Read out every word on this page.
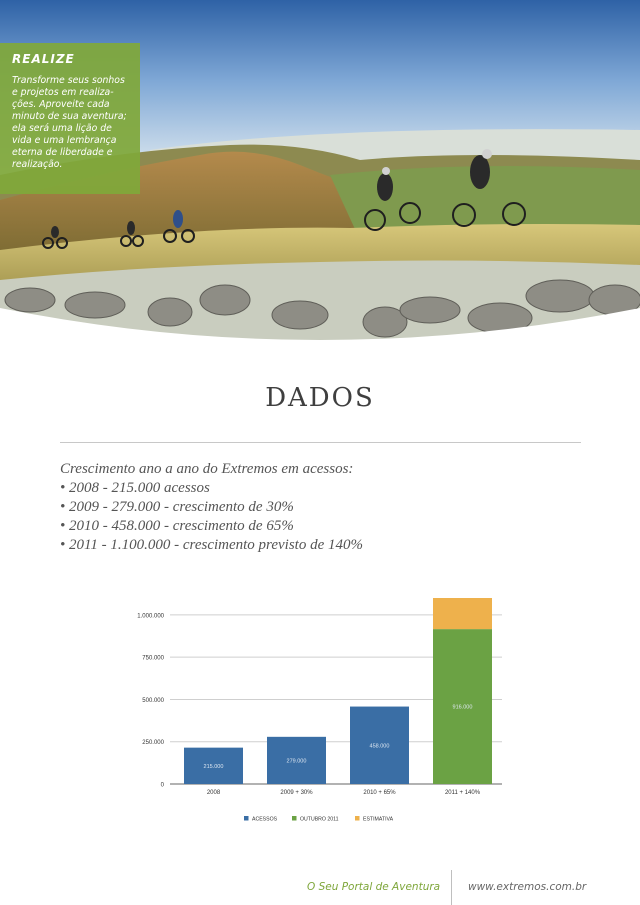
REALIZE
Transforme seus sonhos
e projetos em realiza-
ções. Aproveite cada
minuto de sua aventura;
ela será uma lição de
vida e uma lembrança
eterna de liberdade e
realização.
DADOS
Crescimento ano a ano do Extremos em acessos:
• 2008 - 215.000 acessos
• 2009 - 279.000 - crescimento de 30%
• 2010 - 458.000 - crescimento de 65%
• 2011 - 1.100.000 - crescimento previsto de 140%
0
250.000
500.000
750.000
1.000.000
215.000
2008
279.000
2009 + 30%
458.000
2010 + 65%
916.000
2011 + 140%
ACESSOS	OUTUBRO 2011	ESTIMATIVA
O Seu Portal de Aventura	www.extremos.com.br
